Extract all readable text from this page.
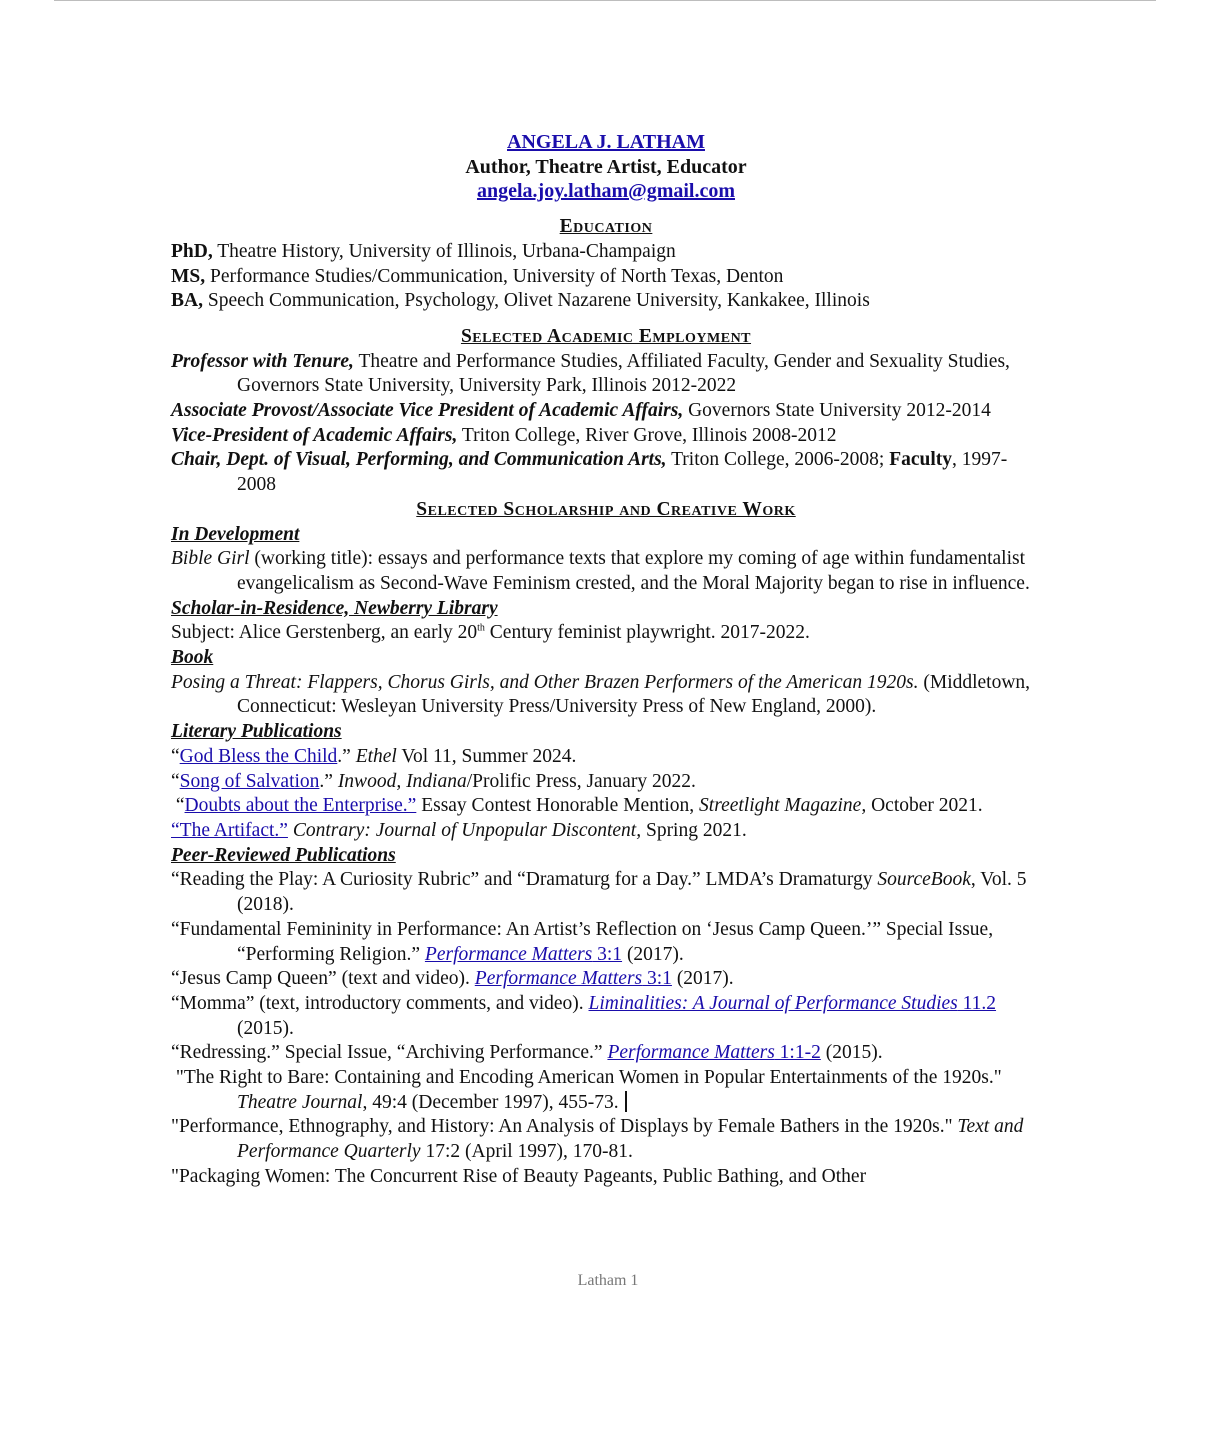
ANGELA J. LATHAM
Author, Theatre Artist, Educator
angela.joy.latham@gmail.com
Education
PhD, Theatre History, University of Illinois, Urbana-Champaign
MS, Performance Studies/Communication, University of North Texas, Denton
BA, Speech Communication, Psychology, Olivet Nazarene University, Kankakee, Illinois
Selected Academic Employment
Professor with Tenure, Theatre and Performance Studies, Affiliated Faculty, Gender and Sexuality Studies, Governors State University, University Park, Illinois 2012-2022
Associate Provost/Associate Vice President of Academic Affairs, Governors State University 2012-2014
Vice-President of Academic Affairs, Triton College, River Grove, Illinois 2008-2012
Chair, Dept. of Visual, Performing, and Communication Arts, Triton College, 2006-2008; Faculty, 1997-2008
Selected Scholarship and Creative Work
In Development
Bible Girl (working title): essays and performance texts that explore my coming of age within fundamentalist evangelicalism as Second-Wave Feminism crested, and the Moral Majority began to rise in influence.
Scholar-in-Residence, Newberry Library
Subject: Alice Gerstenberg, an early 20th Century feminist playwright. 2017-2022.
Book
Posing a Threat: Flappers, Chorus Girls, and Other Brazen Performers of the American 1920s. (Middletown, Connecticut: Wesleyan University Press/University Press of New England, 2000).
Literary Publications
“God Bless the Child.” Ethel Vol 11, Summer 2024.
“Song of Salvation.” Inwood, Indiana/Prolific Press, January 2022.
“Doubts about the Enterprise.” Essay Contest Honorable Mention, Streetlight Magazine, October 2021.
“The Artifact.” Contrary: Journal of Unpopular Discontent, Spring 2021.
Peer-Reviewed Publications
“Reading the Play: A Curiosity Rubric” and “Dramaturg for a Day.” LMDA’s Dramaturgy SourceBook, Vol. 5 (2018).
“Fundamental Femininity in Performance: An Artist’s Reflection on ‘Jesus Camp Queen.’” Special Issue, “Performing Religion.” Performance Matters 3:1 (2017).
“Jesus Camp Queen” (text and video). Performance Matters 3:1 (2017).
“Momma” (text, introductory comments, and video). Liminalities: A Journal of Performance Studies 11.2 (2015).
“Redressing.” Special Issue, “Archiving Performance.” Performance Matters 1:1-2 (2015).
"The Right to Bare: Containing and Encoding American Women in Popular Entertainments of the 1920s." Theatre Journal, 49:4 (December 1997), 455-73.
"Performance, Ethnography, and History: An Analysis of Displays by Female Bathers in the 1920s." Text and Performance Quarterly 17:2 (April 1997), 170-81.
"Packaging Women: The Concurrent Rise of Beauty Pageants, Public Bathing, and Other
Latham 1
